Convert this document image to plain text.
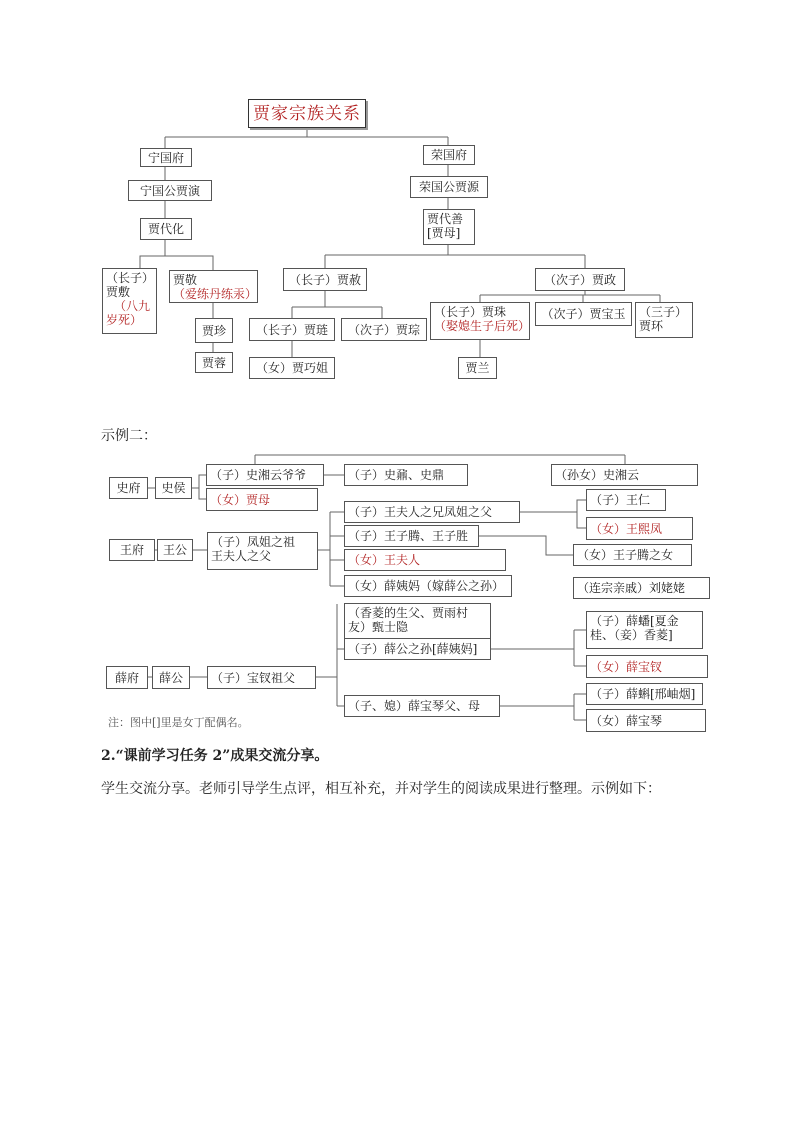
贾家宗族关系
宁国府	荣国府
宁国公贾演	荣国公贾源
贾代化
贾代善
[贾母]
（长子）
贾敷
（八九
岁死）
贾敬
（爱练丹练汞）
（长子）贾赦	（次子）贾政
贾珍
贾蓉
（长子）贾琏	（次子）贾琮
（女）贾巧姐
（长子）贾珠
（娶媳生子后死）
（次子）贾宝玉	（三子）
贾环
贾兰
示例二：
史府	史侯
（子）史湘云爷爷	（子）史鼐、史鼎	（孙女）史湘云
（女）贾母
王府	王公
（子）凤姐之祖
王夫人之父
（子）王夫人之兄凤姐之父
（子）王仁
（女）王熙凤
（子）王子腾、王子胜
（女）王子腾之女
（女）王夫人
（女）薛姨妈（嫁薛公之孙）	（连宗亲戚）刘姥姥
（香菱的生父、贾雨村
友）甄士隐
薛府	薛公	（子）宝钗祖父
（子）薛公之孙[薛姨妈]
（子）薛蟠[夏金
桂、（妾）香菱]
（女）薛宝钗
（子、媳）薛宝琴父、母
（子）薛蝌[邢岫烟]
（女）薛宝琴
注：图中[]里是女丁配偶名。
2.“课前学习任务 2”成果交流分享。
学生交流分享。老师引导学生点评，相互补充，并对学生的阅读成果进行整理。示例如下：
